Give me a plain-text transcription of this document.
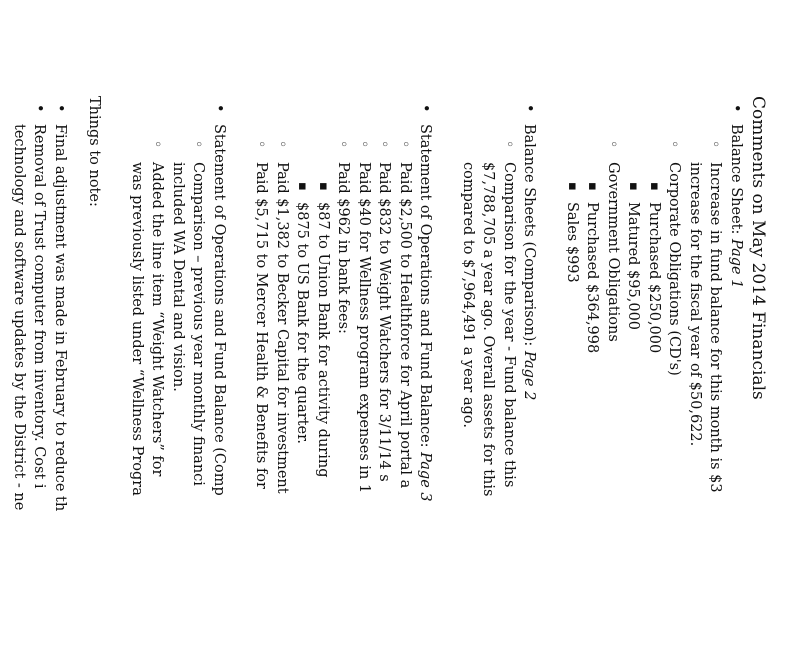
Comments on May 2014 Financials
• Balance Sheet: Page 1
◦ Increase in fund balance for this month is $3
increase for the fiscal year of $50,622.
◦ Corporate Obligations (CD's)
▪ Purchased $250,000
▪ Matured $95,000
◦ Government Obligations
▪ Purchased $364,998
▪ Sales $993
• Balance Sheets (Comparison): Page 2
◦ Comparison for the year - Fund balance this
$7,788,705 a year ago. Overall assets for this
compared to $7,964,491 a year ago.
• Statement of Operations and Fund Balance: Page 3
◦ Paid $2,500 to Healthforce for April portal a
◦ Paid $832 to Weight Watchers for 3/11/14 s
◦ Paid $40 for Wellness program expenses in 1
◦ Paid $962 in bank fees:
▪ $87 to Union Bank for activity during
▪ $875 to US Bank for the quarter.
◦ Paid $1,382 to Becker Capital for investment
◦ Paid $5,715 to Mercer Health & Benefits for
• Statement of Operations and Fund Balance (Comp
◦ Comparison – previous year monthly financi
included WA Dental and vision.
◦ Added the line item “Weight Watchers” for
was previously listed under “Wellness Progra
Things to note:
• Final adjustment was made in February to reduce th
• Removal of Trust computer from inventory. Cost i
technology and software updates by the District - ne
